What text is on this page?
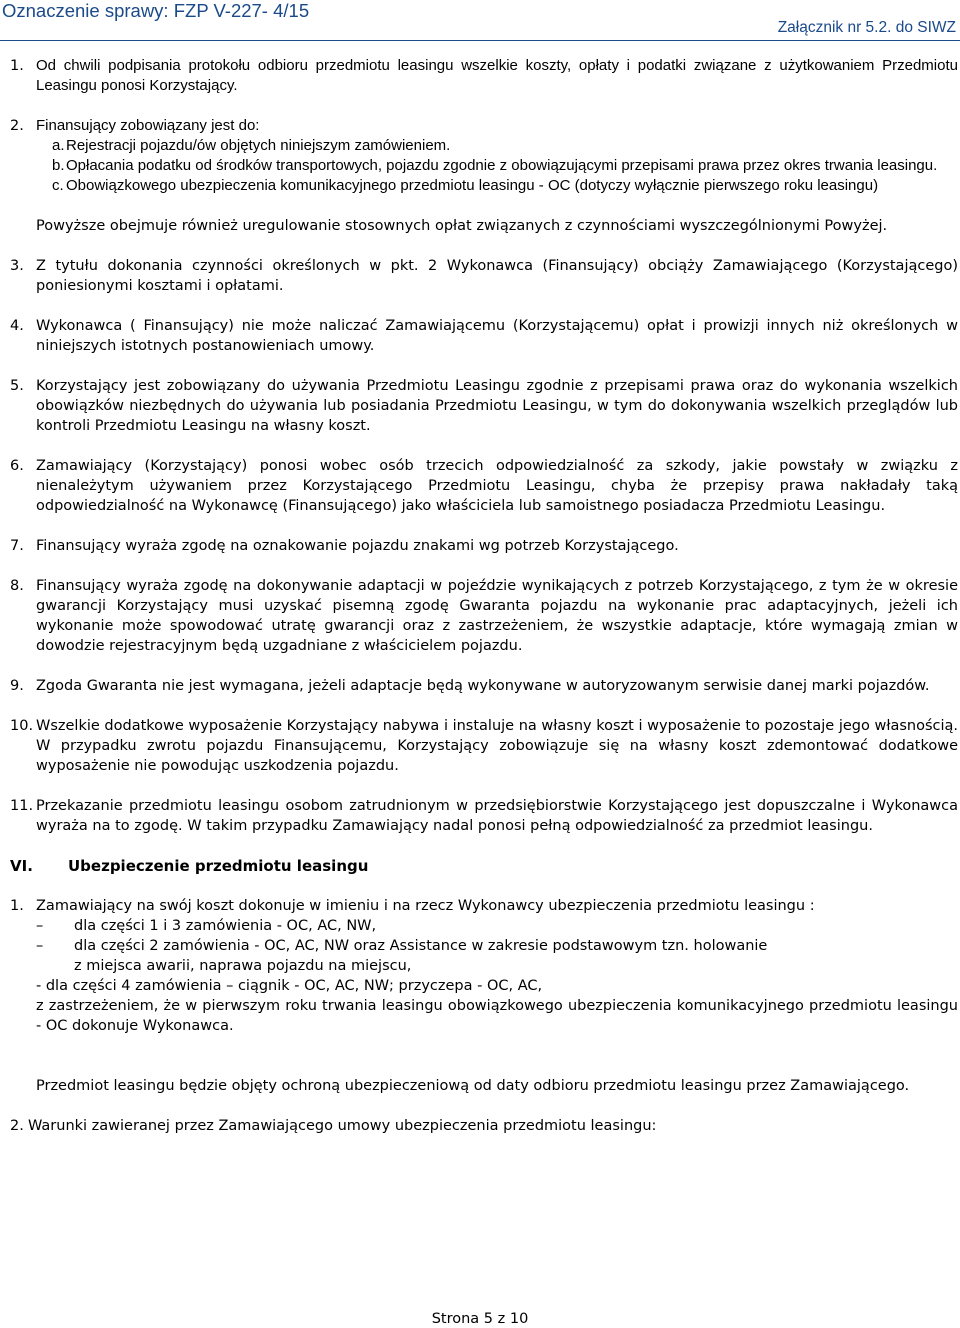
Oznaczenie sprawy: FZP V-227- 4/15
Załącznik nr 5.2. do SIWZ
1. Od chwili podpisania protokołu odbioru przedmiotu leasingu wszelkie koszty, opłaty i podatki związane z użytkowaniem Przedmiotu Leasingu ponosi Korzystający.
2. Finansujący zobowiązany jest do:
a. Rejestracji pojazdu/ów objętych niniejszym zamówieniem.
b. Opłacania podatku od środków transportowych, pojazdu zgodnie z obowiązującymi przepisami prawa przez okres trwania leasingu.
c. Obowiązkowego ubezpieczenia komunikacyjnego przedmiotu leasingu - OC (dotyczy wyłącznie pierwszego roku leasingu)
Powyższe obejmuje również uregulowanie stosownych opłat związanych z czynnościami wyszczególnionymi Powyżej.
3. Z tytułu dokonania czynności określonych w pkt. 2 Wykonawca (Finansujący) obciąży Zamawiającego (Korzystającego) poniesionymi kosztami i opłatami.
4. Wykonawca ( Finansujący) nie może naliczać Zamawiającemu (Korzystającemu) opłat i prowizji innych niż określonych w niniejszych istotnych postanowieniach umowy.
5. Korzystający jest zobowiązany do używania Przedmiotu Leasingu zgodnie z przepisami prawa oraz do wykonania wszelkich obowiązków niezbędnych do używania lub posiadania Przedmiotu Leasingu, w tym do dokonywania wszelkich przeglądów lub kontroli Przedmiotu Leasingu na własny koszt.
6. Zamawiający (Korzystający) ponosi wobec osób trzecich odpowiedzialność za szkody, jakie powstały w związku z nienależytym używaniem przez Korzystającego Przedmiotu Leasingu, chyba że przepisy prawa nakładały taką odpowiedzialność na Wykonawcę (Finansującego) jako właściciela lub samoistnego posiadacza Przedmiotu Leasingu.
7. Finansujący wyraża zgodę na oznakowanie pojazdu znakami wg potrzeb Korzystającego.
8. Finansujący wyraża zgodę na dokonywanie adaptacji w pojeździe wynikających z potrzeb Korzystającego, z tym że w okresie gwarancji Korzystający musi uzyskać pisemną zgodę Gwaranta pojazdu na wykonanie prac adaptacyjnych, jeżeli ich wykonanie może spowodować utratę gwarancji oraz z zastrzeżeniem, że wszystkie adaptacje, które wymagają zmian w dowodzie rejestracyjnym będą uzgadniane z właścicielem pojazdu.
9. Zgoda Gwaranta nie jest wymagana, jeżeli adaptacje będą wykonywane w autoryzowanym serwisie danej marki pojazdów.
10. Wszelkie dodatkowe wyposażenie Korzystający nabywa i instaluje na własny koszt i wyposażenie to pozostaje jego własnością. W przypadku zwrotu pojazdu Finansującemu, Korzystający zobowiązuje się na własny koszt zdemontować dodatkowe wyposażenie nie powodując uszkodzenia pojazdu.
11. Przekazanie przedmiotu leasingu osobom zatrudnionym w przedsiębiorstwie Korzystającego jest dopuszczalne i Wykonawca wyraża na to zgodę. W takim przypadku Zamawiający nadal ponosi pełną odpowiedzialność za przedmiot leasingu.
VI.	Ubezpieczenie przedmiotu leasingu
1. Zamawiający na swój koszt dokonuje w imieniu i na rzecz Wykonawcy ubezpieczenia przedmiotu leasingu :
– dla części 1 i 3 zamówienia - OC, AC, NW,
– dla części 2 zamówienia - OC, AC, NW oraz Assistance w zakresie podstawowym tzn. holowanie
z miejsca awarii, naprawa pojazdu na miejscu,
- dla części 4 zamówienia – ciągnik - OC, AC, NW; przyczepa - OC, AC,
z zastrzeżeniem, że w pierwszym roku trwania leasingu obowiązkowego ubezpieczenia komunikacyjnego przedmiotu leasingu - OC dokonuje Wykonawca.
Przedmiot leasingu będzie objęty ochroną ubezpieczeniową od daty odbioru przedmiotu leasingu przez Zamawiającego.
2. Warunki zawieranej przez Zamawiającego umowy ubezpieczenia przedmiotu leasingu:
Strona 5 z 10
